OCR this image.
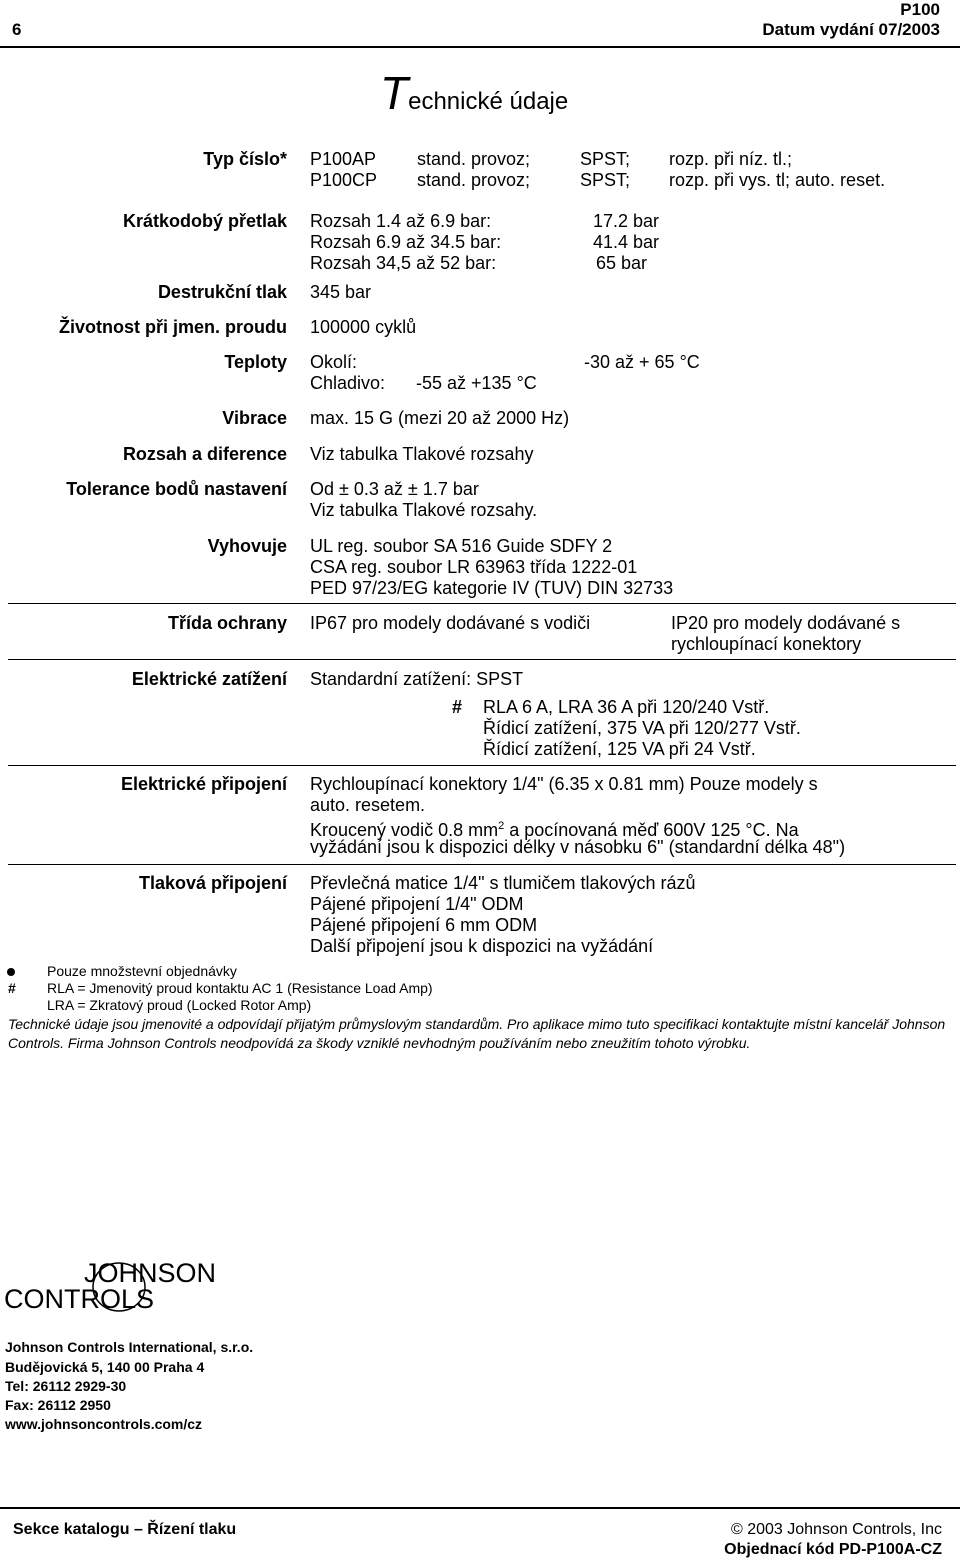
6
P100
Datum vydání 07/2003
Technické údaje
Typ číslo* P100AP stand. provoz;	SPST; rozp. při níz. tl.;
P100CP stand. provoz;	SPST; rozp. při vys. tl; auto. reset.
Krátkodobý přetlak Rozsah 1.4 až 6.9 bar:	17.2 bar
Rozsah 6.9 až 34.5 bar:	41.4 bar
Rozsah 34,5 až 52 bar:	65 bar
Destrukční tlak 345 bar
Životnost při jmen. proudu 100000 cyklů
Teploty Okolí:	-30 až + 65 °C
Chladivo: -55 až +135 °C
Vibrace max. 15 G (mezi 20 až 2000 Hz)
Rozsah a diference Viz tabulka Tlakové rozsahy
Tolerance bodů nastavení Od ± 0.3 až ± 1.7 bar
Viz tabulka Tlakové rozsahy.
Vyhovuje UL reg. soubor SA 516 Guide SDFY 2
CSA reg. soubor LR 63963 třída 1222-01
PED 97/23/EG kategorie IV (TUV) DIN 32733
Třída ochrany IP67 pro modely dodávané s vodiči	IP20 pro modely dodávané s
rychloupínací konektory
Elektrické zatížení Standardní zatížení: SPST
# RLA 6 A, LRA 36 A při 120/240 Vstř.
Řídicí zatížení, 375 VA při 120/277 Vstř.
Řídicí zatížení, 125 VA při 24 Vstř.
Elektrické připojení Rychloupínací konektory 1/4" (6.35 x 0.81 mm) Pouze modely s
auto. resetem.
Kroucený vodič 0.8 $mm^2$ a pocínovaná měď 600V 125 °C. Na
vyžádání jsou k dispozici délky v násobku 6" (standardní délka 48")
Tlaková připojení Převlečná matice 1/4" s tlumičem tlakových rázů
Pájené připojení 1/4" ODM
Pájené připojení 6 mm ODM
Další připojení jsou k dispozici na vyžádání
Pouze množstevní objednávky
# RLA = Jmenovitý proud kontaktu AC 1 (Resistance Load Amp)
LRA = Zkratový proud (Locked Rotor Amp)
Technické údaje jsou jmenovité a odpovídají přijatým průmyslovým standardům. Pro aplikace mimo tuto specifikaci kontaktujte místní kancelář Johnson Controls. Firma Johnson Controls neodpovídá za škody vzniklé nevhodným používáním nebo zneužitím tohoto výrobku.
JOHNSON
CONTROLS
Johnson Controls International, s.r.o.
Budějovická 5, 140 00 Praha 4
Tel: 26112 2929-30
Fax: 26112 2950
www.johnsoncontrols.com/cz
Sekce katalogu – Řízení tlaku	© 2003 Johnson Controls, Inc
Objednací kód PD-P100A-CZ
